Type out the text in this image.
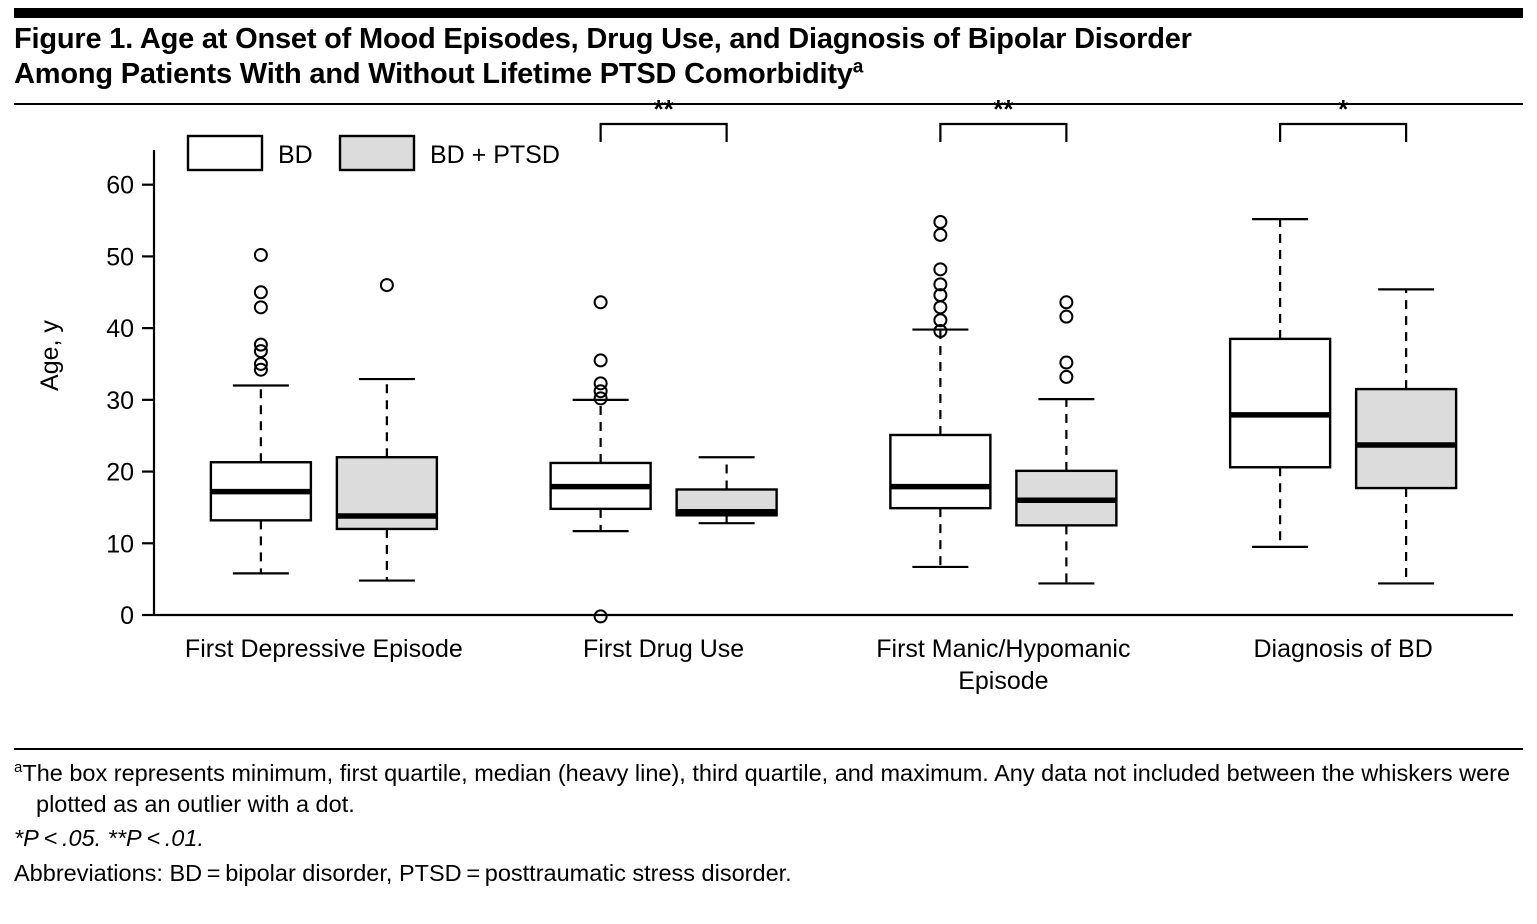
Figure 1. Age at Onset of Mood Episodes, Drug Use, and Diagnosis of Bipolar Disorder
Among Patients With and Without Lifetime PTSD Comorbidity$^a$
0
10
20
30
40
50
60
Age, y
BD	BD + PTSD
First Depressive Episode	First Drug Use	First Manic/Hypomanic
Episode
Diagnosis of BD
**	**	*
$^a$The box represents minimum, first quartile, median (heavy line), third quartile, and maximum. Any data not included between the whiskers were plotted as an outlier with a dot.
*P < .05. **P < .01.
Abbreviations: BD = bipolar disorder, PTSD = posttraumatic stress disorder.
